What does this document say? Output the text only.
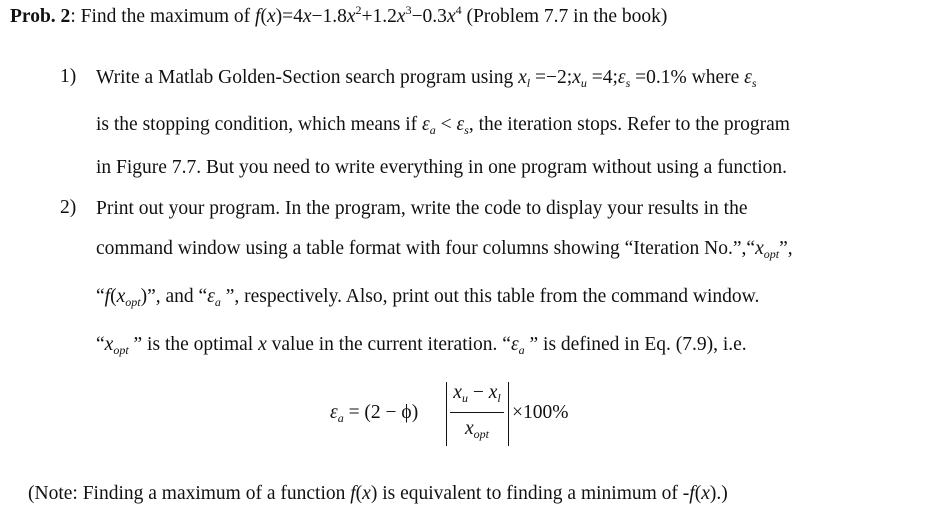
Prob. 2: Find the maximum of $f(x)=4x-1.8x^2+1.2x^3-0.3x^4$ (Problem 7.7 in the book)
1) Write a Matlab Golden-Section search program using $x_l$ $=-2;x_u$ $=4;\varepsilon_s =0.1\%$ where $\varepsilon_s$
is the stopping condition, which means if $\varepsilon_a < \varepsilon_s$, the iteration stops. Refer to the program
in Figure 7.7. But you need to write everything in one program without using a function.
2) Print out your program. In the program, write the code to display your results in the
command window using a table format with four columns showing “Iteration $No.”,“x_{opt}$”,
“$f(x_{opt})$”, and “$\varepsilon_a$ ”, respectively. Also, print out this table from the command window.
“$x_{opt}$ ” is the optimal x value in the current iteration. “$\varepsilon_a$ ” is defined in Eq. (7.9), i.e.
$\varepsilon_a = (2 - \phi)$
$x_u - x_l$
$x_{opt}$
×100%
(Note: Finding a maximum of a function f(x) is equivalent to finding a minimum of -f(x).)
